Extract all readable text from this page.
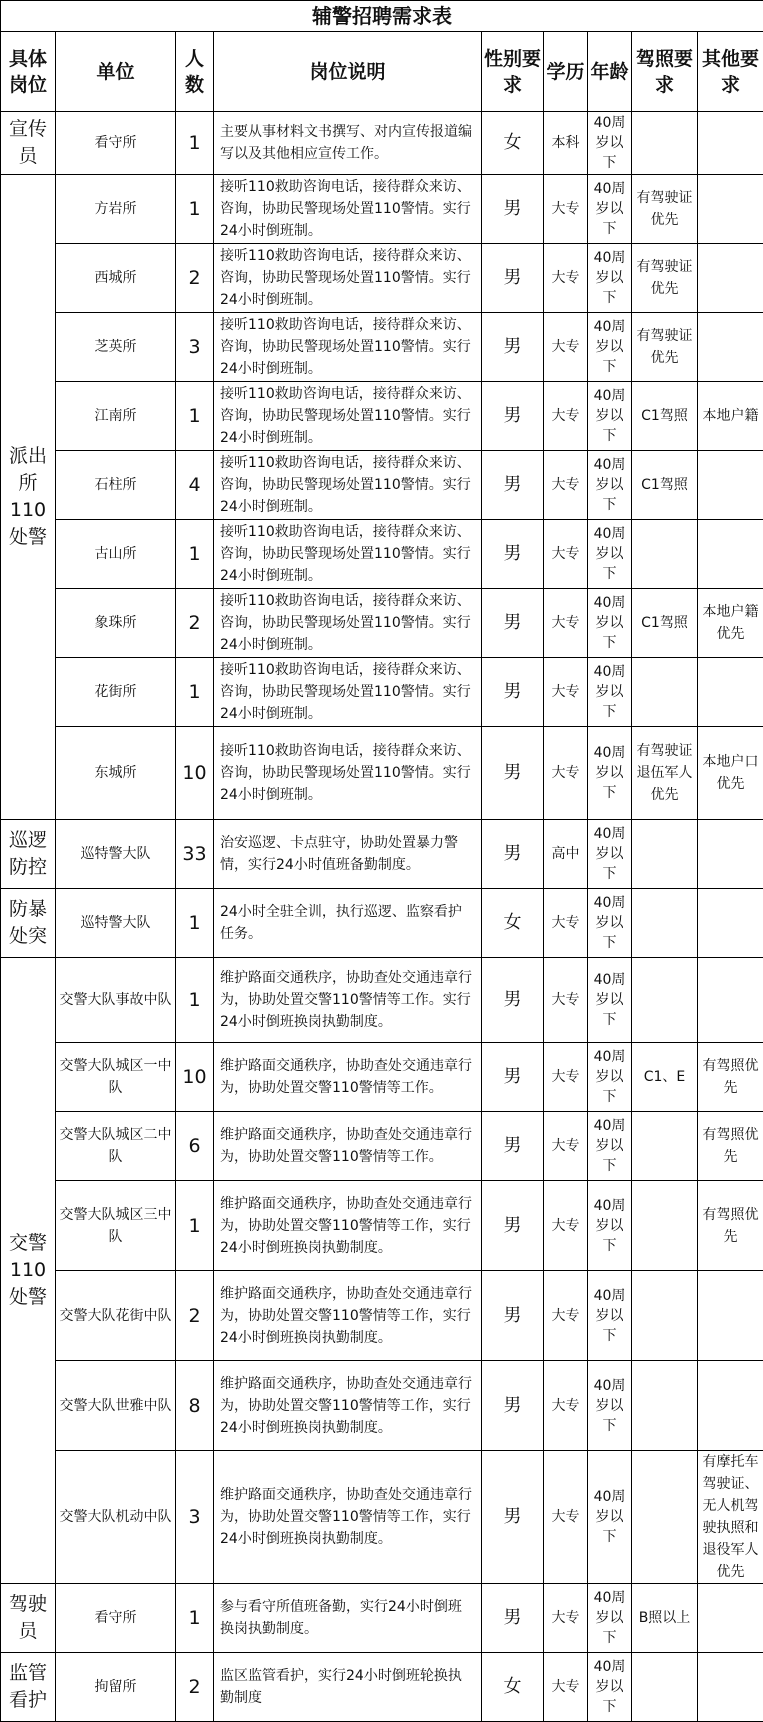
辅警招聘需求表								
具体岗位	单位	人数	岗位说明	性别要求	学历	年龄	驾照要求	其他要求
宣传员	看守所	1	主要从事材料文书撰写、对内宣传报道编写以及其他相应宣传工作。	女	本科	40周岁以下		
派出所110处警	方岩所	1	接听110救助咨询电话，接待群众来访、咨询，协助民警现场处置110警情。实行24小时倒班制。	男	大专	40周岁以下	有驾驶证优先	
	西城所	2	接听110救助咨询电话，接待群众来访、咨询，协助民警现场处置110警情。实行24小时倒班制。	男	大专	40周岁以下	有驾驶证优先	
	芝英所	3	接听110救助咨询电话，接待群众来访、咨询，协助民警现场处置110警情。实行24小时倒班制。	男	大专	40周岁以下	有驾驶证优先	
	江南所	1	接听110救助咨询电话，接待群众来访、咨询，协助民警现场处置110警情。实行24小时倒班制。	男	大专	40周岁以下	C1驾照	本地户籍
	石柱所	4	接听110救助咨询电话，接待群众来访、咨询，协助民警现场处置110警情。实行24小时倒班制。	男	大专	40周岁以下	C1驾照	
	古山所	1	接听110救助咨询电话，接待群众来访、咨询，协助民警现场处置110警情。实行24小时倒班制。	男	大专	40周岁以下		
	象珠所	2	接听110救助咨询电话，接待群众来访、咨询，协助民警现场处置110警情。实行24小时倒班制。	男	大专	40周岁以下	C1驾照	本地户籍优先
	花街所	1	接听110救助咨询电话，接待群众来访、咨询，协助民警现场处置110警情。实行24小时倒班制。	男	大专	40周岁以下		
	东城所	10	接听110救助咨询电话，接待群众来访、咨询，协助民警现场处置110警情。实行24小时倒班制。	男	大专	40周岁以下	有驾驶证退伍军人优先	本地户口优先
巡逻防控	巡特警大队	33	治安巡逻、卡点驻守，协助处置暴力警情，实行24小时值班备勤制度。	男	高中	40周岁以下		
防暴处突	巡特警大队	1	24小时全驻全训，执行巡逻、监察看护任务。	女	大专	40周岁以下		
交警110处警	交警大队事故中队	1	维护路面交通秩序，协助查处交通违章行为，协助处置交警110警情等工作。实行24小时倒班换岗执勤制度。	男	大专	40周岁以下		
	交警大队城区一中队	10	维护路面交通秩序，协助查处交通违章行为，协助处置交警110警情等工作。	男	大专	40周岁以下	C1、E	有驾照优先
	交警大队城区二中队	6	维护路面交通秩序，协助查处交通违章行为，协助处置交警110警情等工作。	男	大专	40周岁以下		有驾照优先
	交警大队城区三中队	1	维护路面交通秩序，协助查处交通违章行为，协助处置交警110警情等工作，实行24小时倒班换岗执勤制度。	男	大专	40周岁以下		有驾照优先
	交警大队花街中队	2	维护路面交通秩序，协助查处交通违章行为，协助处置交警110警情等工作，实行24小时倒班换岗执勤制度。	男	大专	40周岁以下		
	交警大队世雅中队	8	维护路面交通秩序，协助查处交通违章行为，协助处置交警110警情等工作，实行24小时倒班换岗执勤制度。	男	大专	40周岁以下		
	交警大队机动中队	3	维护路面交通秩序，协助查处交通违章行为，协助处置交警110警情等工作，实行24小时倒班换岗执勤制度。	男	大专	40周岁以下		有摩托车驾驶证、无人机驾驶执照和退役军人优先
驾驶员	看守所	1	参与看守所值班备勤，实行24小时倒班换岗执勤制度。	男	大专	40周岁以下	B照以上	
监管看护	拘留所	2	监区监管看护，实行24小时倒班轮换执勤制度	女	大专	40周岁以下		
